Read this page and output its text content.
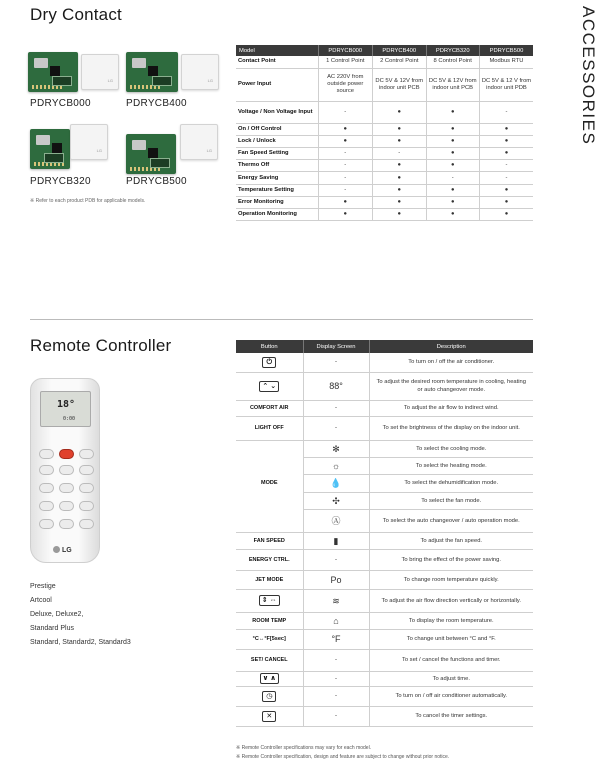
Dry Contact	ACCESSORIES
LG
PDRYCB000
LG
PDRYCB400
LG
PDRYCB320
LG
PDRYCB500
※ Refer to each product PDB for applicable models.
Model	PDRYCB000	PDRYCB400	PDRYCB320	PDRYCB500
Contact Point	1 Control Point	2 Control Point	8 Control Point	Modbus RTU
Power Input	AC 220V from outside power source	DC 5V & 12V from indoor unit PCB	DC 5V & 12V from indoor unit PCB	DC 5V & 12 V from indoor unit PDB
Voltage / Non Voltage Input	-	●	●	-
On / Off Control	●	●	●	●
Lock / Unlock	●	●	●	●
Fan Speed Setting	-	-	●	●
Thermo Off	-	●	●	-
Energy Saving	-	●	-	-
Temperature Setting	-	●	●	●
Error Monitoring	●	●	●	●
Operation Monitoring	●	●	●	●
Remote Controller
18°
0:00
LG
Prestige
Artcool
Deluxe, Deluxe2,
Standard Plus
Standard, Standard2, Standard3
Button	Display Screen	Description
⏻	-	To turn on / off the air conditioner.
⌃ ⌄	88°	To adjust the desired room temperature in cooling, heating or auto changeover mode.
COMFORT AIR	-	To adjust the air flow to indirect wind.
LIGHT OFF	-	To set the brightness of the display on the indoor unit.
	✻	To select the cooling mode.
	☼	To select the heating mode.
MODE	💧	To select the dehumidification mode.
	✣	To select the fan mode.
	Ⓐ	To select the auto changeover / auto operation mode.
FAN SPEED	▮	To adjust the fan speed.
ENERGY CTRL.	-	To bring the effect of the power saving.
JET MODE	Po	To change room temperature quickly.
⇕ ⇔	≋	To adjust the air flow direction vertically or horizontally.
ROOM TEMP	⌂	To display the room temperature.
°C↔°F[5sec]	°F	To change unit between °C and °F.
SET/ CANCEL	-	To set / cancel the functions and timer.
∨ ∧	-	To adjust time.
◷	-	To turn on / off air conditioner automatically.
✕	-	To cancel the timer settings.
※ Remote Controller specifications may vary for each model.
※ Remote Controller specification, design and feature are subject to change without prior notice.
